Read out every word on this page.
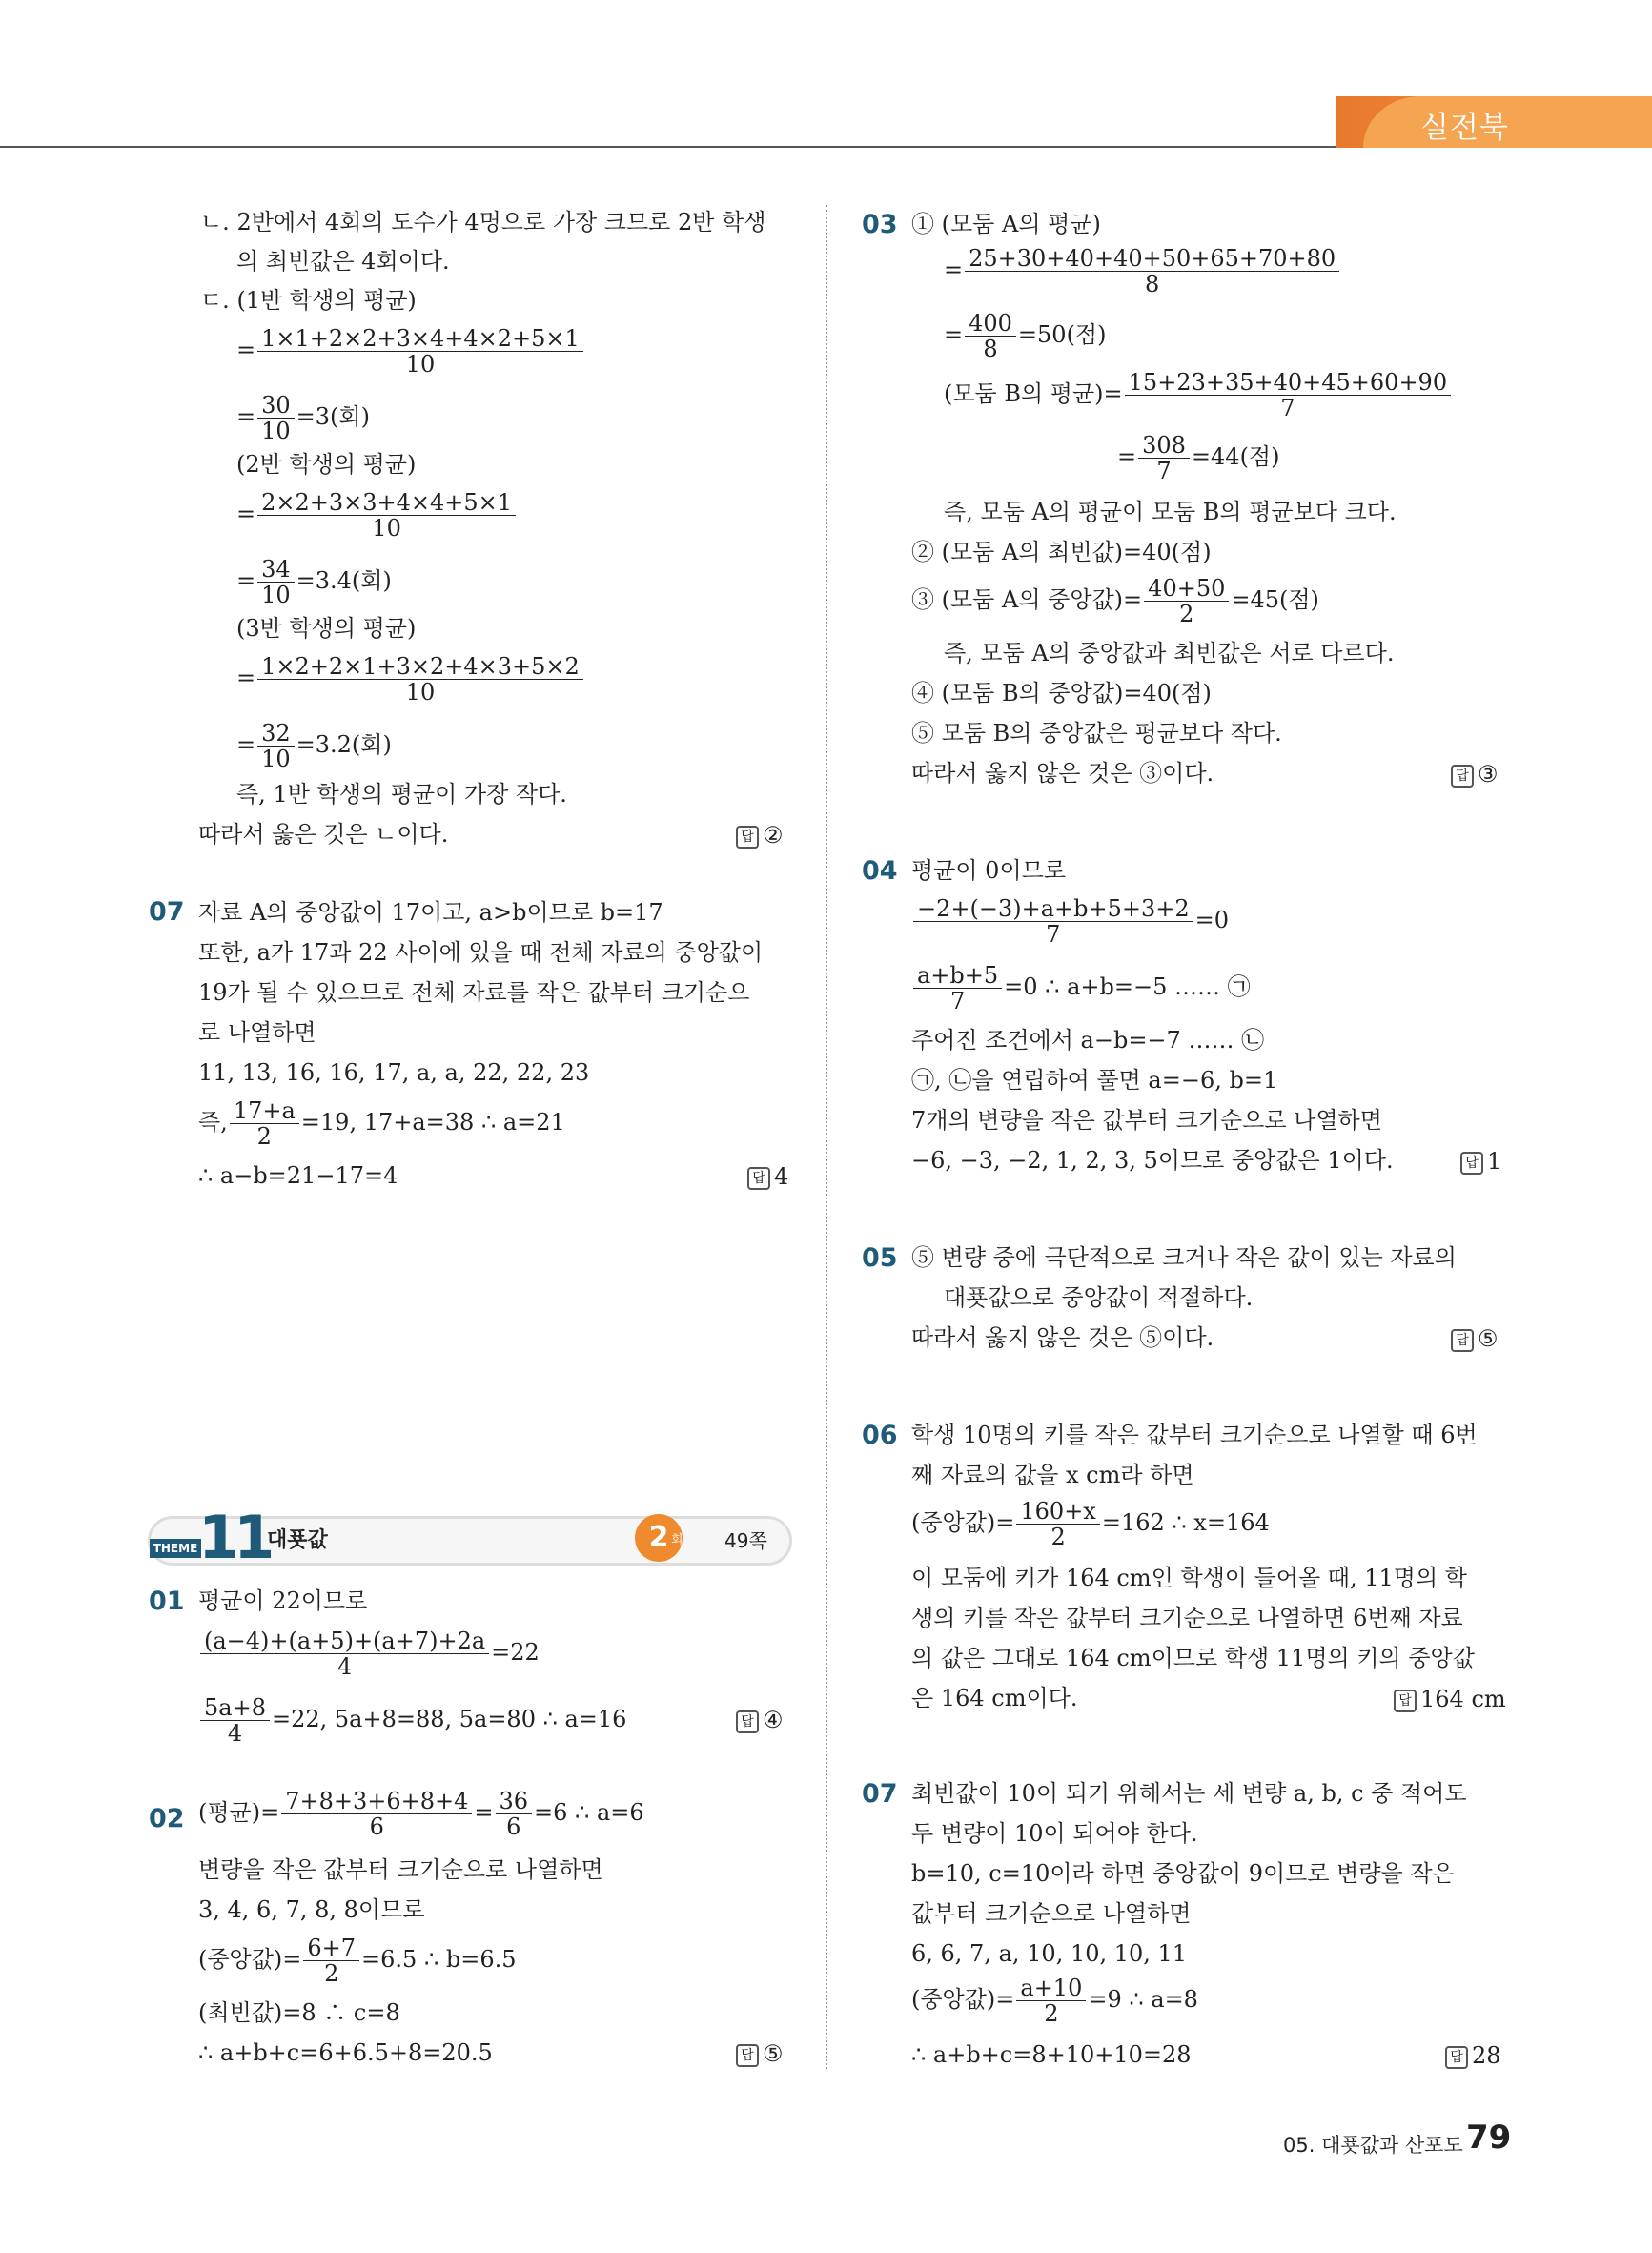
실전북
ㄴ. 2반에서 4회의 도수가 4명으로 가장 크므로 2반 학생
의 최빈값은 4회이다.
ㄷ. (1반 학생의 평균)
= $\frac{1\times 1+2\times 2+3\times 4+4\times 2+5\times 1}{10}$
= $\frac{30}{10} =3$(회)
(2반 학생의 평균)
= $\frac{2\times 2+3\times 3+4\times 4+5\times 1}{10}$
= $\frac{34}{10} =3.4$(회)
(3반 학생의 평균)
= $\frac{1\times 2+2\times 1+3\times 2+4\times 3+5\times 2}{10}$
= $\frac{32}{10} =3.2$(회)
즉, 1반 학생의 평균이 가장 작다.
따라서 옳은 것은 ㄴ이다.	답 ②
07 자료 A의 중앙값이 17이고, a>b이므로 b=17
또한, a가 17과 22 사이에 있을 때 전체 자료의 중앙값이
19가 될 수 있으므로 전체 자료를 작은 값부터 크기순으
로 나열하면
11, 13, 16, 16, 17, a, a, 22, 22, 23
즉, $\frac{17+a}{2} =19$, 17+a=38 ∴ a=21
∴ a−b=21−17=4	답 4
THEME 11
대푯값	2 회 49쪽
01 평균이 22이므로
$\frac{(a-4)+(a+5)+(a+7)+2a}{4} =22$
$\frac{5a+8}{4} =22$, 5a+8=88, 5a=80 ∴ a=16	답 ④
02 (평균)= $\frac{7+8+3+6+8+4}{6} = \frac{36}{6} =6$ ∴ a=6
변량을 작은 값부터 크기순으로 나열하면
3, 4, 6, 7, 8, 8이므로
(중앙값)= $\frac{6+7}{2} =6.5$ ∴ b=6.5
(최빈값)=8 ∴ c=8
∴ a+b+c=6+6.5+8=20.5	답 ⑤
03 ① (모둠 A의 평균)
= $\frac{25+30+40+40+50+65+70+80}{8}$
= $\frac{400}{8} =50$(점)
(모둠 B의 평균)= $\frac{15+23+35+40+45+60+90}{7}$
= $\frac{308}{7} =44$(점)
즉, 모둠 A의 평균이 모둠 B의 평균보다 크다.
② (모둠 A의 최빈값)=40(점)
③ (모둠 A의 중앙값)= $\frac{40+50}{2} =45$(점)
즉, 모둠 A의 중앙값과 최빈값은 서로 다르다.
④ (모둠 B의 중앙값)=40(점)
⑤ 모둠 B의 중앙값은 평균보다 작다.
따라서 옳지 않은 것은 ③이다.	답 ③
04 평균이 0이므로
$\frac{-2+(-3)+a+b+5+3+2}{7} =0$
$\frac{a+b+5}{7} =0$ ∴ a+b=−5 …… ㉠
주어진 조건에서 a−b=−7 …… ㉡
㉠, ㉡을 연립하여 풀면 a=−6, b=1
7개의 변량을 작은 값부터 크기순으로 나열하면
−6, −3, −2, 1, 2, 3, 5이므로 중앙값은 1이다.	답 1
05 ⑤ 변량 중에 극단적으로 크거나 작은 값이 있는 자료의
대푯값으로 중앙값이 적절하다.
따라서 옳지 않은 것은 ⑤이다.	답 ⑤
06 학생 10명의 키를 작은 값부터 크기순으로 나열할 때 6번
째 자료의 값을 x cm라 하면
(중앙값)= $\frac{160+x}{2} =162$ ∴ x=164
이 모둠에 키가 164 cm인 학생이 들어올 때, 11명의 학
생의 키를 작은 값부터 크기순으로 나열하면 6번째 자료
의 값은 그대로 164 cm이므로 학생 11명의 키의 중앙값
은 164 cm이다.	답 164 cm
07 최빈값이 10이 되기 위해서는 세 변량 a, b, c 중 적어도
두 변량이 10이 되어야 한다.
b=10, c=10이라 하면 중앙값이 9이므로 변량을 작은
값부터 크기순으로 나열하면
6, 6, 7, a, 10, 10, 10, 11
(중앙값)= $\frac{a+10}{2} =9$ ∴ a=8
∴ a+b+c=8+10+10=28	답 28
05. 대푯값과 산포도 79
